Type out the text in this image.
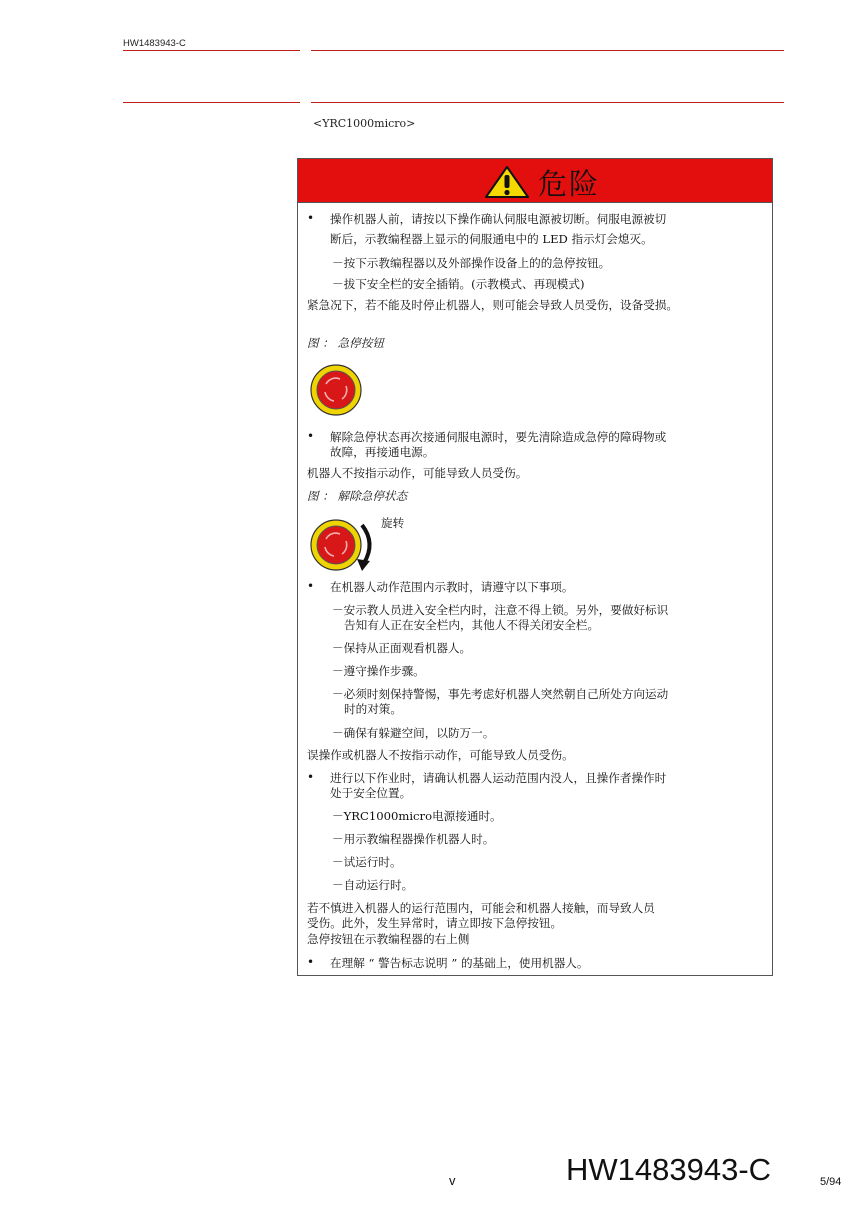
HW1483943-C
<YRC1000micro>
危险
• 操作机器人前，请按以下操作确认伺服电源被切断。伺服电源被切
断后，示教编程器上显示的伺服通电中的 LED 指示灯会熄灭。
－按下示教编程器以及外部操作设备上的的急停按钮。
－拔下安全栏的安全插销。(示教模式、再现模式)
紧急况下，若不能及时停止机器人，则可能会导致人员受伤，设备受损。
图 ： 急停按钮
• 解除急停状态再次接通伺服电源时，要先清除造成急停的障碍物或
故障，再接通电源。
机器人不按指示动作，可能导致人员受伤。
图 ： 解除急停状态
旋转
• 在机器人动作范围内示教时，请遵守以下事项。
－安示教人员进入安全栏内时，注意不得上锁。另外，要做好标识
告知有人正在安全栏内，其他人不得关闭安全栏。
－保持从正面观看机器人。
－遵守操作步骤。
－必须时刻保持警惕，事先考虑好机器人突然朝自己所处方向运动
时的对策。
－确保有躲避空间，以防万一。
误操作或机器人不按指示动作，可能导致人员受伤。
• 进行以下作业时，请确认机器人运动范围内没人，且操作者操作时
处于安全位置。
－YRC1000micro电源接通时。
－用示教编程器操作机器人时。
－试运行时。
－自动运行时。
若不慎进入机器人的运行范围内，可能会和机器人接触，而导致人员
受伤。此外，发生异常时，请立即按下急停按钮。
急停按钮在示教编程器的右上侧
• 在理解 “ 警告标志说明 ” 的基础上，使用机器人。
v	HW1483943-C	5/94
